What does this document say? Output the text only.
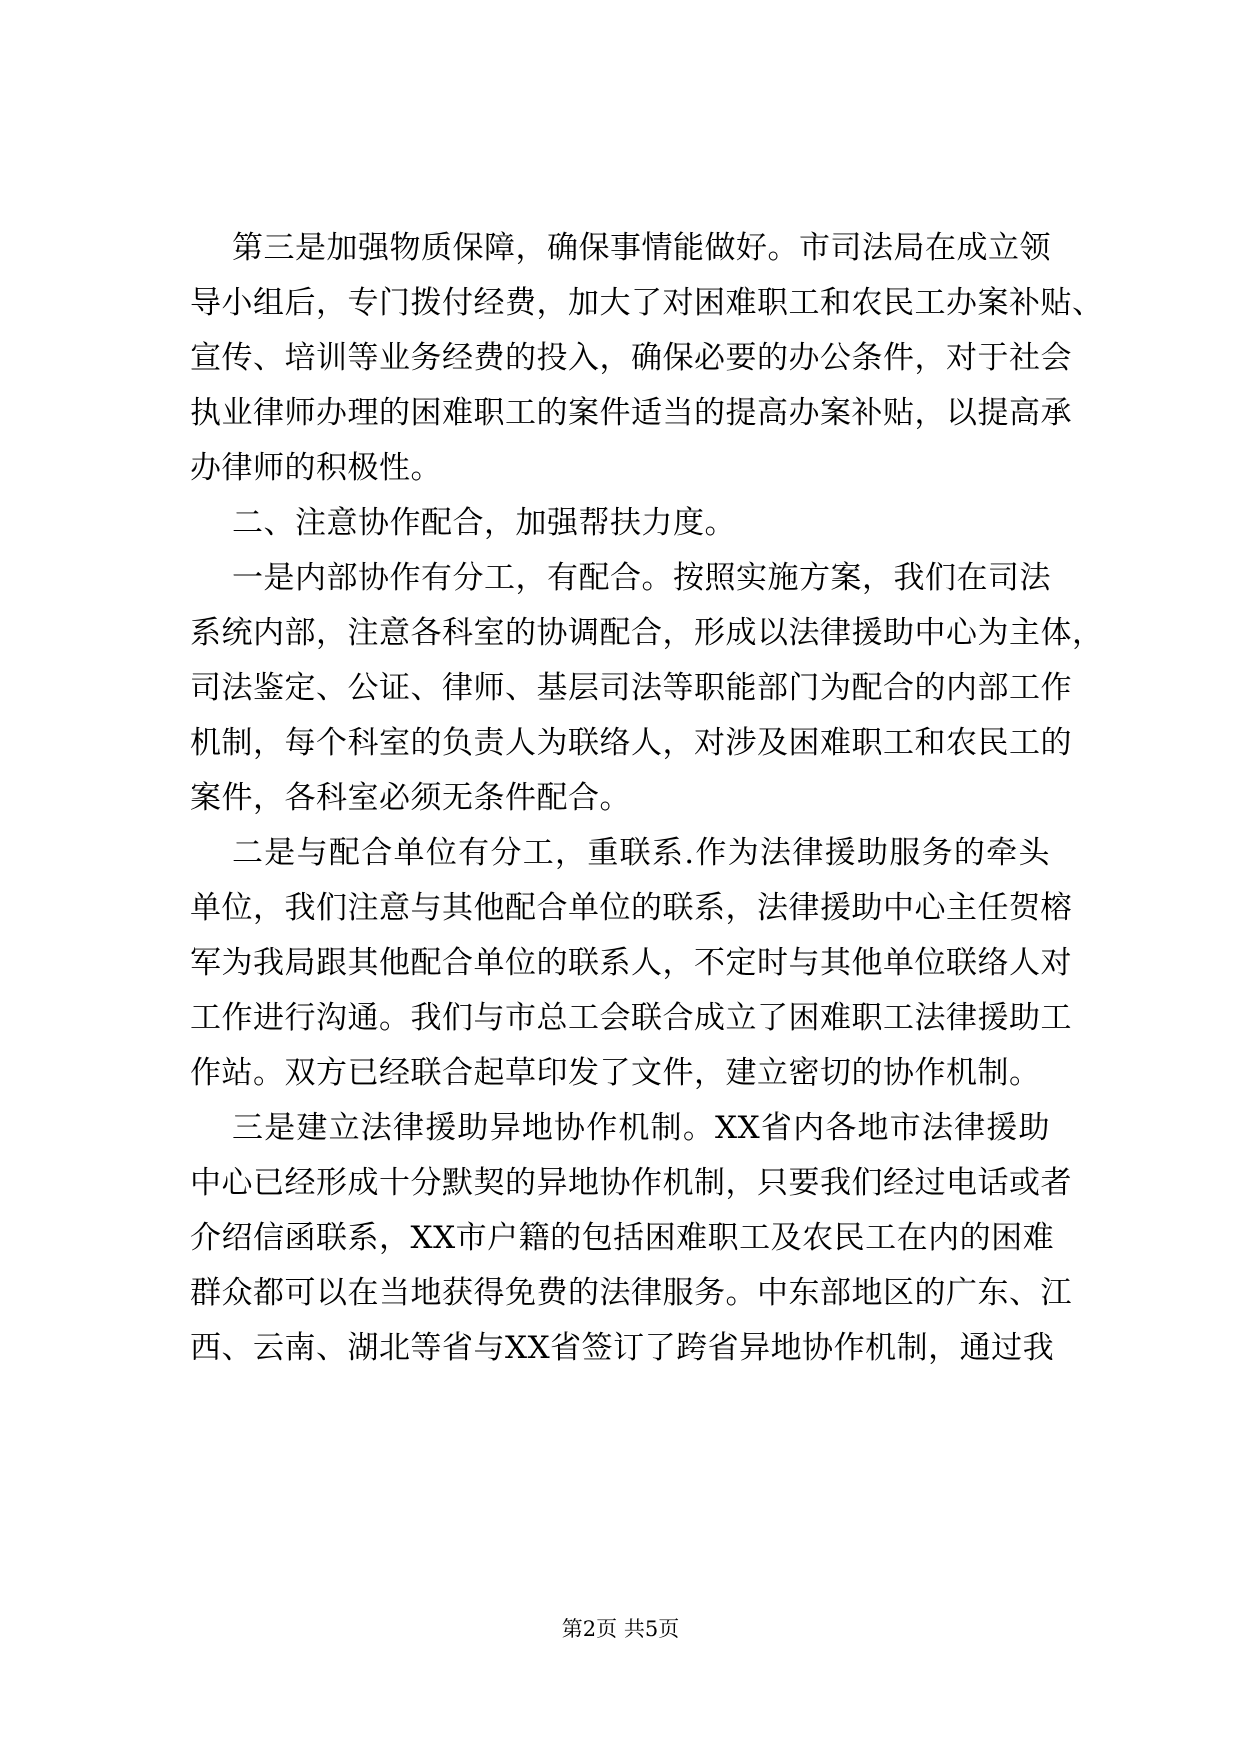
第三是加强物质保障，确保事情能做好。市司法局在成立领
导小组后，专门拨付经费，加大了对困难职工和农民工办案补贴、
宣传、培训等业务经费的投入，确保必要的办公条件，对于社会
执业律师办理的困难职工的案件适当的提高办案补贴，以提高承
办律师的积极性。
二、注意协作配合，加强帮扶力度。
一是内部协作有分工，有配合。按照实施方案，我们在司法
系统内部，注意各科室的协调配合，形成以法律援助中心为主体，
司法鉴定、公证、律师、基层司法等职能部门为配合的内部工作
机制，每个科室的负责人为联络人，对涉及困难职工和农民工的
案件，各科室必须无条件配合。
二是与配合单位有分工，重联系.作为法律援助服务的牵头
单位，我们注意与其他配合单位的联系，法律援助中心主任贺榕
军为我局跟其他配合单位的联系人，不定时与其他单位联络人对
工作进行沟通。我们与市总工会联合成立了困难职工法律援助工
作站。双方已经联合起草印发了文件，建立密切的协作机制。
三是建立法律援助异地协作机制。XX省内各地市法律援助
中心已经形成十分默契的异地协作机制，只要我们经过电话或者
介绍信函联系，XX市户籍的包括困难职工及农民工在内的困难
群众都可以在当地获得免费的法律服务。中东部地区的广东、江
西、云南、湖北等省与XX省签订了跨省异地协作机制，通过我
第2页 共5页
